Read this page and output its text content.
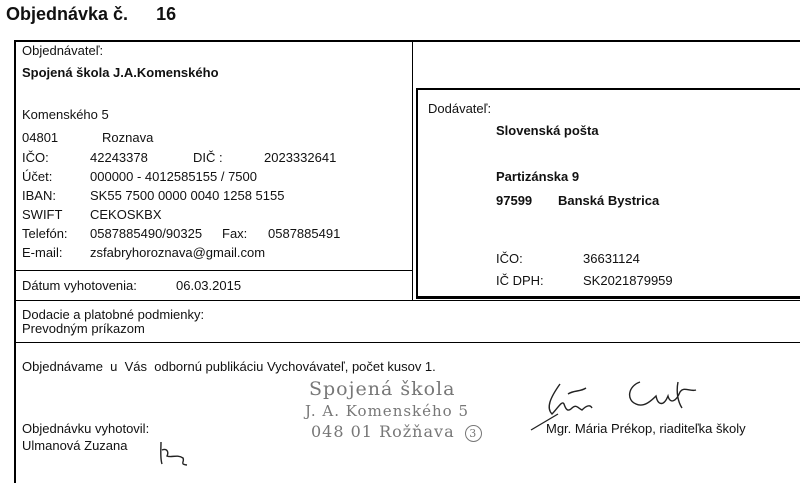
Objednávka č. 16
Objednávateľ:
Spojená škola J.A.Komenského
Komenského 5
04801	Roznava
IČO:	42243378	DIČ :	2023332641
Účet:	000000 - 4012585155 / 7500
IBAN:	SK55 7500 0000 0040 1258 5155
SWIFT CEKOSKBX
Telefón: 0587885490/90325 Fax: 0587885491
E-mail: zsfabryhoroznava@gmail.com
Dátum vyhotovenia:	06.03.2015
Dodávateľ:
Slovenská pošta
Partizánska 9
97599 Banská Bystrica
IČO:	36631124
IČ DPH:	SK2021879959
Dodacie a platobné podmienky:
Prevodným príkazom
Objednávame  u  Vás  odbornú publikáciu Vychovávateľ, počet kusov 1.
Objednávku vyhotovil:
Ulmanová Zuzana
Spojená škola
J. A. Komenského 5
048 01 Rožňava 3	Mgr. Mária Prékop, riaditeľka školy
